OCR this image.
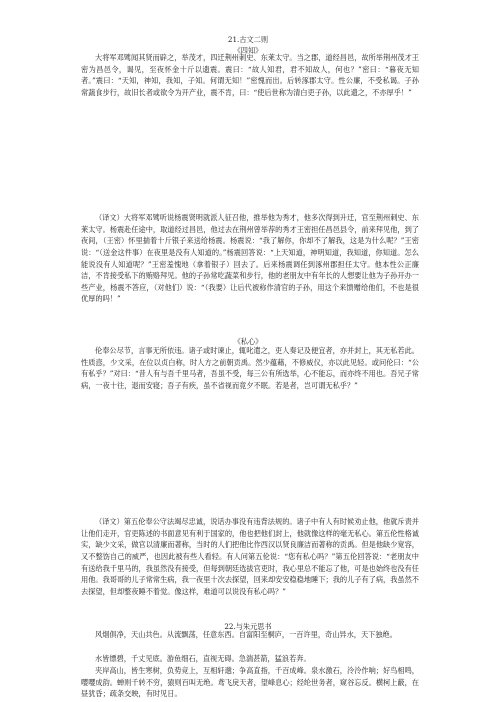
21.古文二则
《四知》

大将军邓骘闻其贤而辟之，举茂才，四迁荆州刺史、东莱太守。当之郡，道经昌邑，故所举荆州茂才王密为昌邑令，谒见，至夜怀金十斤以遗震。震曰：“故人知君，君不知故人，何也？”密曰：“暮夜无知者。”震曰：“天知，神知，我知，子知。何谓无知！”密愧而出。后转涿郡太守。性公廉，不受私谒。子孙常蔬食步行，故旧长者或欲令为开产业，震不肯，曰：“使后世称为清白吏子孙，以此遗之，不亦厚乎！”

（译文）大将军邓骘听说杨震贤明就派人征召他，推举他为秀才，他多次得到升迁，官至荆州刺史、东莱太守。杨震赴任途中，取道经过昌邑，他过去在荆州曾举荐的秀才王密担任昌邑县令，前来拜见他，到了夜间，（王密）怀里揣着十斤银子来送给杨震。杨震说：“我了解你，你却不了解我，这是为什么呢？”王密说：“（送金这件事）在夜里是没有人知道的。”杨震回答说：“上天知道，神明知道，我知道，你知道。怎么能说没有人知道呢？”王密羞愧地（拿着银子）回去了。后来杨震调任到涿州郡担任太守。他本性公正廉洁，不肯接受私下的贿赂拜见。他的子孙常吃蔬菜和步行，他的老朋友中有年长的人想要让他为子孙开办一些产业，杨震不答应，（对他们）说：“（我要）让后代被称作清官的子孙，用这个来馈赠给他们，不也是很优厚的吗！”

《私心》

伦奉公尽节，言事无所依违。诸子或时谏止，辄叱遣之，吏人奏记及便宜者，亦并封上，其无私若此。性质悫，少文采，在位以贞白称，时人方之前朝贡禹。然少蕴藉，不修威仪，亦以此见轻。或问伦曰：“公有私乎？”对曰：“昔人有与吾千里马者，吾虽不受，每三公有所选举，心不能忘，而亦终不用也。吾兄子常病，一夜十往，退而安寝；吾子有疾，虽不省视而竟夕不眠。若是者，岂可谓无私乎？”

（译文）第五伦奉公守法竭尽忠诚，说话办事没有违背法规的。诸子中有人有时候劝止他，他就斥责并让他们走开，官吏陈述的书面意见有利于国家的，他也把他们封上，他就像这样的毫无私心。第五伦性格诚实，缺少文采，做官以清廉而著称，当时的人们把他比作西汉以贤良廉洁而著称的贡禹。但是他缺少宽容，又不整饬自己的威严，也因此被有些人看轻。有人问第五伦说：“您有私心吗？”第五伦回答说：“老朋友中有送给我千里马的，我虽然没有接受，但每到朝廷选拔官吏时，我心里总不能忘了他，可是也始终也没有任用他。我哥哥的儿子常常生病，我一夜里十次去探望，回来却安安稳稳地睡下；我的儿子有了病，我虽然不去探望，但却整夜睡不着觉。像这样，难道可以说没有私心吗？”

22.与朱元思书

风烟俱净，天山共色。从流飘荡，任意东西。自富阳至桐庐，一百许里，奇山异水，天下独绝。

水皆缥碧，千丈见底。游鱼细石，直视无碍。急湍甚箭，猛浪若奔。

夹岸高山，皆生寒树，负势竞上，互相轩邈；争高直指，千百成峰。泉水激石，泠泠作响；好鸟相鸣，嘤嘤成韵。蝉则千转不穷，猿则百叫无绝。鸢飞戾天者，望峰息心；经纶世务者，窥谷忘反。横柯上蔽，在昼犹昏；疏条交映，有时见日。
